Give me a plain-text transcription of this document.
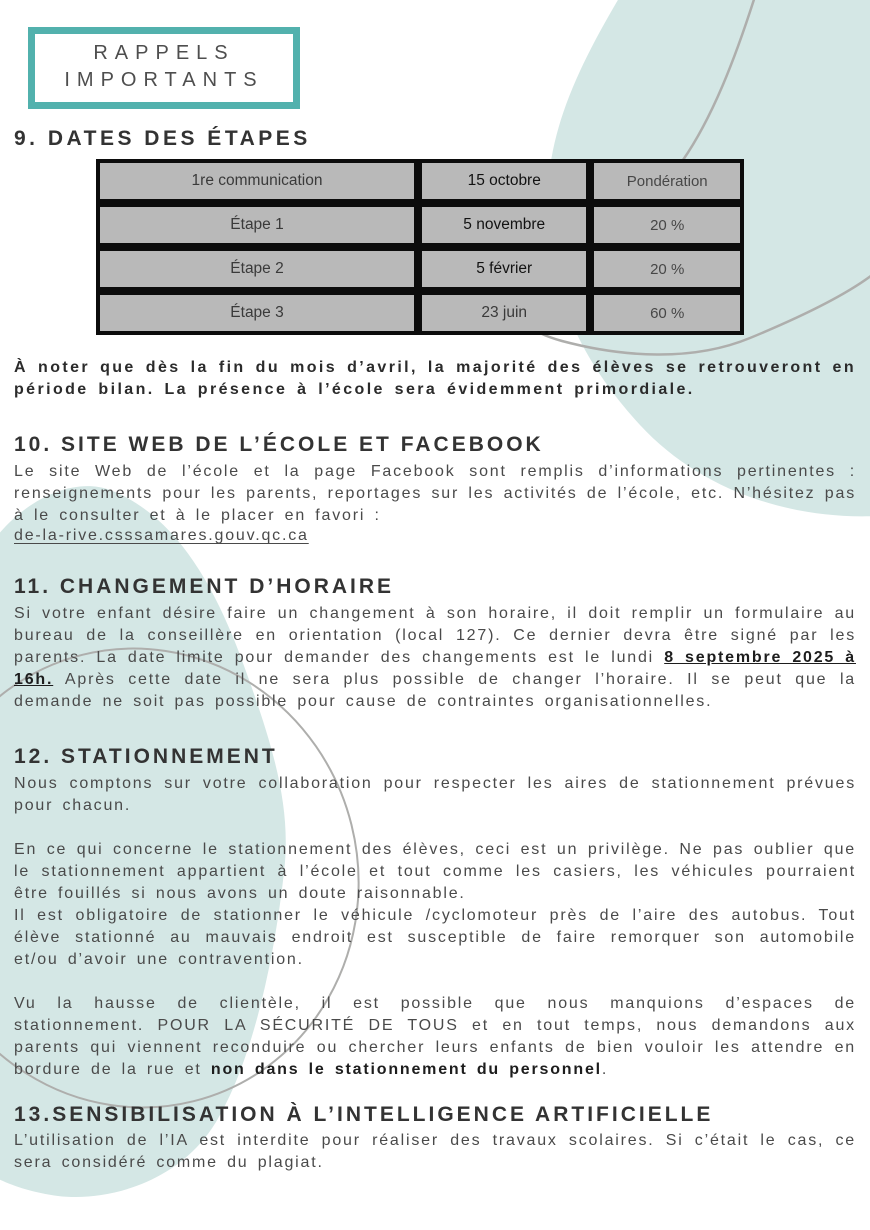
RAPPELS
IMPORTANTS
9. DATES DES ÉTAPES
1re communication	15 octobre	Pondération
Étape 1	5 novembre	20 %
Étape 2	5 février	20 %
Étape 3	23 juin	60 %

À noter que dès la fin du mois d’avril, la majorité des élèves se retrouveront en période bilan. La présence à l’école sera évidemment primordiale.

10. SITE WEB DE L’ÉCOLE ET FACEBOOK

Le site Web de l’école et la page Facebook sont remplis d’informations pertinentes : renseignements pour les parents, reportages sur les activités de l’école, etc. N’hésitez pas à le consulter et à le placer en favori :

de-la-rive.csssamares.gouv.qc.ca
11. CHANGEMENT D’HORAIRE

Si votre enfant désire faire un changement à son horaire, il doit remplir un formulaire au bureau de la conseillère en orientation (local 127). Ce dernier devra être signé par les parents. La date limite pour demander des changements est le lundi 8 septembre 2025 à 16h. Après cette date il ne sera plus possible de changer l’horaire. Il se peut que la demande ne soit pas possible pour cause de contraintes organisationnelles.

12. STATIONNEMENT

Nous comptons sur votre collaboration pour respecter les aires de stationnement prévues pour chacun.

En ce qui concerne le stationnement des élèves, ceci est un privilège. Ne pas oublier que le stationnement appartient à l’école et tout comme les casiers, les véhicules pourraient être fouillés si nous avons un doute raisonnable.

Il est obligatoire de stationner le véhicule /cyclomoteur près de l’aire des autobus. Tout élève stationné au mauvais endroit est susceptible de faire remorquer son automobile et/ou d’avoir une contravention.

Vu la hausse de clientèle, il est possible que nous manquions d’espaces de stationnement. POUR LA SÉCURITÉ DE TOUS et en tout temps, nous demandons aux parents qui viennent reconduire ou chercher leurs enfants de bien vouloir les attendre en bordure de la rue et non dans le stationnement du personnel.

13.SENSIBILISATION À L’INTELLIGENCE ARTIFICIELLE

L’utilisation de l’IA est interdite pour réaliser des travaux scolaires. Si c’était le cas, ce sera considéré comme du plagiat.
